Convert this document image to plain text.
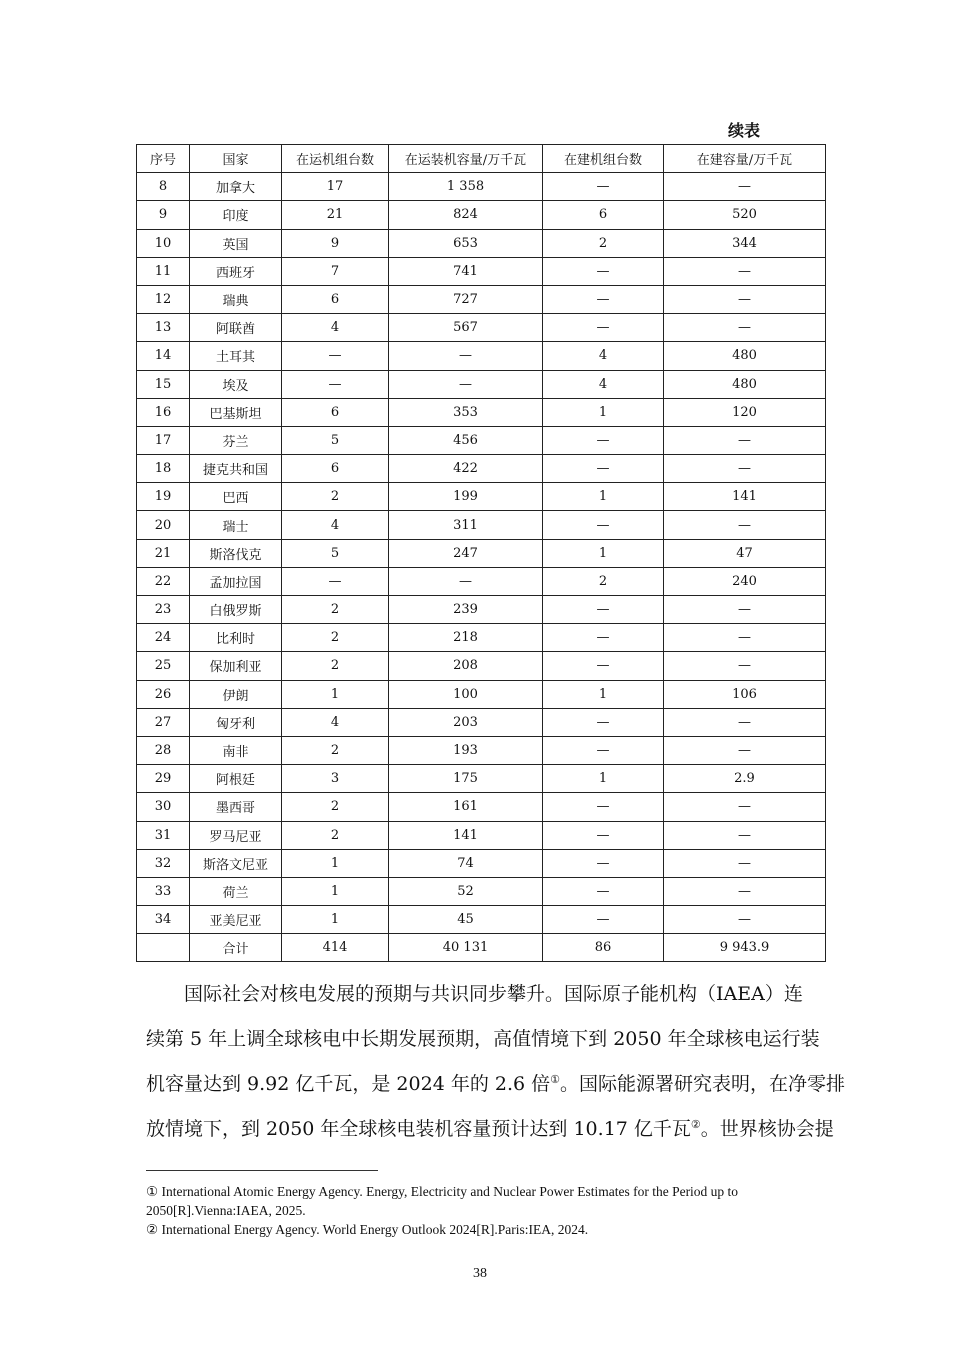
续表
序号	国家	在运机组台数	在运装机容量/万千瓦	在建机组台数	在建容量/万千瓦
8	加拿大	17	1 358	—	—
9	印度	21	824	6	520
10	英国	9	653	2	344
11	西班牙	7	741	—	—
12	瑞典	6	727	—	—
13	阿联酋	4	567	—	—
14	土耳其	—	—	4	480
15	埃及	—	—	4	480
16	巴基斯坦	6	353	1	120
17	芬兰	5	456	—	—
18	捷克共和国	6	422	—	—
19	巴西	2	199	1	141
20	瑞士	4	311	—	—
21	斯洛伐克	5	247	1	47
22	孟加拉国	—	—	2	240
23	白俄罗斯	2	239	—	—
24	比利时	2	218	—	—
25	保加利亚	2	208	—	—
26	伊朗	1	100	1	106
27	匈牙利	4	203	—	—
28	南非	2	193	—	—
29	阿根廷	3	175	1	2.9
30	墨西哥	2	161	—	—
31	罗马尼亚	2	141	—	—
32	斯洛文尼亚	1	74	—	—
33	荷兰	1	52	—	—
34	亚美尼亚	1	45	—	—
	合计	414	40 131	86	9 943.9
国际社会对核电发展的预期与共识同步攀升。国际原子能机构（IAEA）连
续第 5 年上调全球核电中长期发展预期，高值情境下到 2050 年全球核电运行装
机容量达到 9.92 亿千瓦，是 2024 年的 2.6 倍①。国际能源署研究表明，在净零排
放情境下，到 2050 年全球核电装机容量预计达到 10.17 亿千瓦②。世界核协会提

① International Atomic Energy Agency. Energy, Electricity and Nuclear Power Estimates for the Period up to 2050[R].Vienna:IAEA, 2025.

② International Energy Agency. World Energy Outlook 2024[R].Paris:IEA, 2024.

38
